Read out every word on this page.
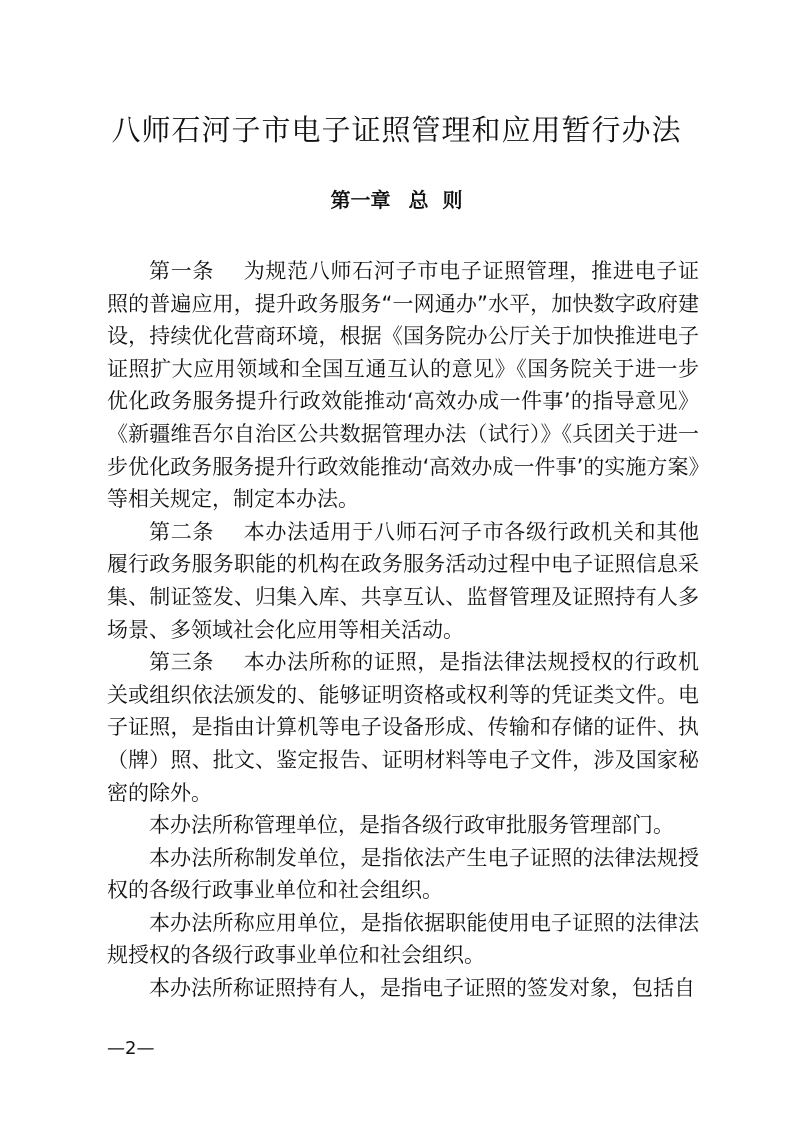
八师石河子市电子证照管理和应用暂行办法
第一章 总  则

第一条    为规范八师石河子市电子证照管理，推进电子证照的普遍应用，提升政务服务“一网通办”水平，加快数字政府建设，持续优化营商环境，根据《国务院办公厅关于加快推进电子证照扩大应用领域和全国互通互认的意见》《国务院关于进一步优化政务服务提升行政效能推动‘高效办成一件事’的指导意见》《新疆维吾尔自治区公共数据管理办法（试行）》《兵团关于进一步优化政务服务提升行政效能推动‘高效办成一件事’的实施方案》等相关规定，制定本办法。

第二条    本办法适用于八师石河子市各级行政机关和其他履行政务服务职能的机构在政务服务活动过程中电子证照信息采集、制证签发、归集入库、共享互认、监督管理及证照持有人多场景、多领域社会化应用等相关活动。

第三条    本办法所称的证照，是指法律法规授权的行政机关或组织依法颁发的、能够证明资格或权利等的凭证类文件。电子证照，是指由计算机等电子设备形成、传输和存储的证件、执（牌）照、批文、鉴定报告、证明材料等电子文件，涉及国家秘密的除外。

本办法所称管理单位，是指各级行政审批服务管理部门。

本办法所称制发单位，是指依法产生电子证照的法律法规授权的各级行政事业单位和社会组织。

本办法所称应用单位，是指依据职能使用电子证照的法律法规授权的各级行政事业单位和社会组织。

本办法所称证照持有人，是指电子证照的签发对象，包括自

—2—
